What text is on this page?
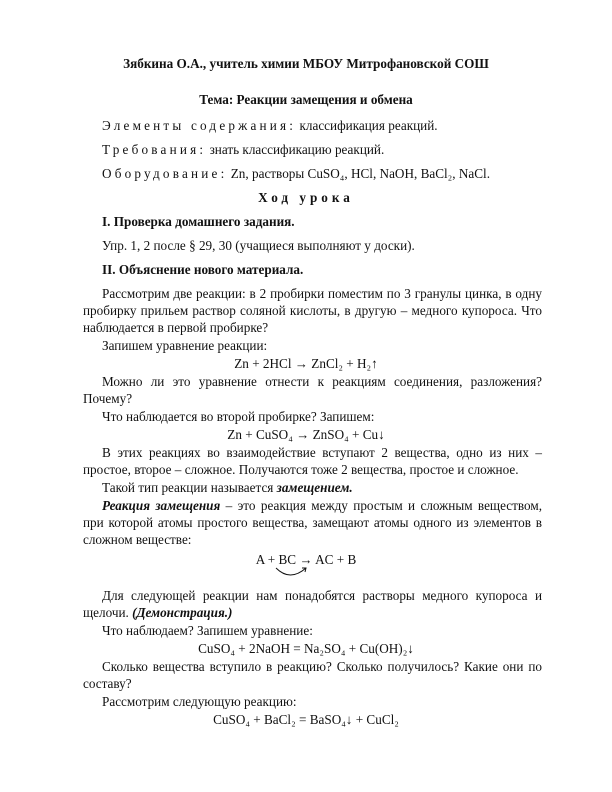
Зябкина О.А., учитель химии МБОУ Митрофановской СОШ
Тема: Реакции замещения и обмена
Элементы содержания: классификация реакций.
Требования: знать классификацию реакций.
Оборудование: Zn, растворы CuSO₄, HCl, NaOH, BaCl₂, NaCl.
Ход урока
I. Проверка домашнего задания.
Упр. 1, 2 после § 29, 30 (учащиеся выполняют у доски).
II. Объяснение нового материала.
Рассмотрим две реакции: в 2 пробирки поместим по 3 гранулы цинка, в одну
пробирку прильем раствор соляной кислоты, в другую – медного купороса. Что
наблюдается в первой пробирке?
Запишем уравнение реакции:
Zn + 2HCl → ZnCl₂ + H₂↑
Можно ли это уравнение отнести к реакциям соединения, разложения?
Почему?
Что наблюдается во второй пробирке? Запишем:
Zn + CuSO₄ → ZnSO₄ + Cu↓
В этих реакциях во взаимодействие вступают 2 вещества, одно из них –
простое, второе – сложное. Получаются тоже 2 вещества, простое и сложное.
Такой тип реакции называется замещением.
Реакция замещения – это реакция между простым и сложным веществом,
при которой атомы простого вещества, замещают атомы одного из элементов в
сложном веществе:
A + BC → AC + B
Для следующей реакции нам понадобятся растворы медного купороса и
щелочи. (Демонстрация.)
Что наблюдаем? Запишем уравнение:
CuSO₄ + 2NaOH = Na₂SO₄ + Cu(OH)₂↓
Сколько вещества вступило в реакцию? Сколько получилось? Какие они по
составу?
Рассмотрим следующую реакцию:
CuSO₄ + BaCl₂ = BaSO₄↓ + CuCl₂
